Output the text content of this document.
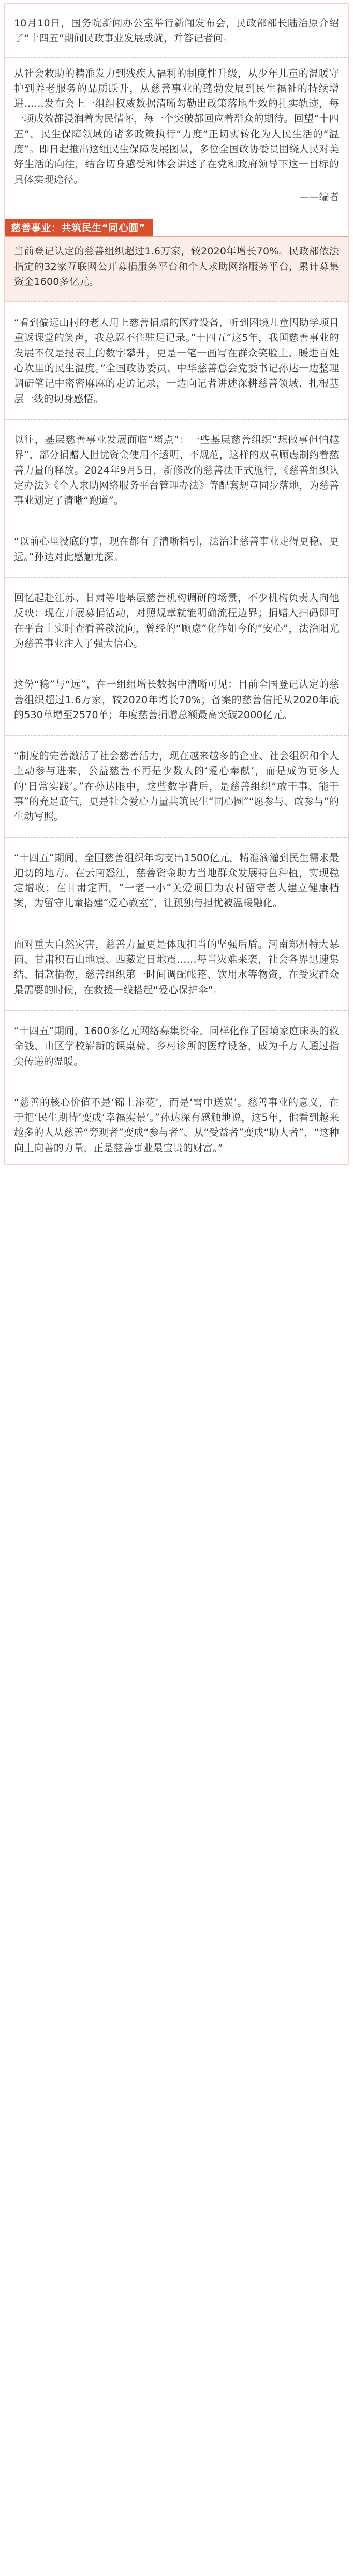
10月10日，国务院新闻办公室举行新闻发布会，民政部部长陆治原介绍了“十四五”期间民政事业发展成就，并答记者问。

从社会救助的精准发力到残疾人福利的制度性升级，从少年儿童的温暖守护到养老服务的品质跃升，从慈善事业的蓬勃发展到民生福祉的持续增进……发布会上一组组权威数据清晰勾勒出政策落地生效的扎实轨迹，每一项成效都浸润着为民情怀，每一个突破都回应着群众的期待。回望“十四五”，民生保障领域的诸多政策执行“力度”正切实转化为人民生活的“温度”。即日起推出这组民生保障发展图景，多位全国政协委员围绕人民对美好生活的向往，结合切身感受和体会讲述了在党和政府领导下这一目标的具体实现途径。

——编者

慈善事业：共筑民生“同心圆”

当前登记认定的慈善组织超过1.6万家，较2020年增长70%。民政部依法指定的32家互联网公开募捐服务平台和个人求助网络服务平台，累计募集资金1600多亿元。

“看到偏远山村的老人用上慈善捐赠的医疗设备，听到困境儿童因助学项目重返课堂的笑声，我总忍不住驻足记录。”十四五”这5年，我国慈善事业的发展不仅是报表上的数字攀升，更是一笔一画写在群众笑脸上、暖进百姓心坎里的民生温度。”全国政协委员、中华慈善总会党委书记孙达一边整理调研笔记中密密麻麻的走访记录，一边向记者讲述深耕慈善领域、扎根基层一线的切身感悟。

以往，基层慈善事业发展面临“堵点”：一些基层慈善组织“想做事但怕越界”，部分捐赠人担忧资金使用不透明、不规范，这样的双重顾虑制约着慈善力量的释放。2024年9月5日，新修改的慈善法正式施行，《慈善组织认定办法》《个人求助网络服务平台管理办法》等配套规章同步落地，为慈善事业划定了清晰“跑道”。

“以前心里没底的事，现在都有了清晰指引，法治让慈善事业走得更稳、更远。”孙达对此感触尤深。

回忆起赴江苏、甘肃等地基层慈善机构调研的场景，不少机构负责人向他反映：现在开展募捐活动，对照规章就能明确流程边界；捐赠人扫码即可在平台上实时查看善款流向，曾经的“顾虑”化作如今的“安心”，法治阳光为慈善事业注入了强大信心。

这份“稳”与“远”，在一组组增长数据中清晰可见：目前全国登记认定的慈善组织超过1.6万家，较2020年增长70%；备案的慈善信托从2020年底的530单增至2570单；年度慈善捐赠总额最高突破2000亿元。

“制度的完善激活了社会慈善活力，现在越来越多的企业、社会组织和个人主动参与进来，公益慈善不再是少数人的‘爱心奉献’，而是成为更多人的‘日常实践’。”在孙达眼中，这些数字背后，是慈善组织“敢干事、能干事”的充足底气，更是社会爱心力量共筑民生“同心圆”“愿参与、敢参与”的生动写照。

“十四五”期间，全国慈善组织年均支出1500亿元，精准滴灌到民生需求最迫切的地方。在云南怒江，慈善资金助力当地群众发展特色种植，实现稳定增收；在甘肃定西，“一老一小”关爱项目为农村留守老人建立健康档案，为留守儿童搭建“爱心教室”，让孤独与担忧被温暖融化。

面对重大自然灾害，慈善力量更是体现担当的坚强后盾。河南郑州特大暴雨、甘肃积石山地震、西藏定日地震……每当灾难来袭，社会各界迅速集结、捐款捐物，慈善组织第一时间调配帐篷、饮用水等物资，在受灾群众最需要的时候，在救援一线搭起“爱心保护伞”。

“十四五”期间，1600多亿元网络募集资金，同样化作了困境家庭床头的救命钱、山区学校崭新的课桌椅、乡村诊所的医疗设备，成为千万人通过指尖传递的温暖。

“慈善的核心价值不是‘锦上添花’，而是‘雪中送炭’。慈善事业的意义，在于把‘民生期待’变成‘幸福实景’。”孙达深有感触地说，这5年，他看到越来越多的人从慈善“旁观者”变成“参与者”、从“受益者”变成“助人者”，“这种向上向善的力量，正是慈善事业最宝贵的财富。”
